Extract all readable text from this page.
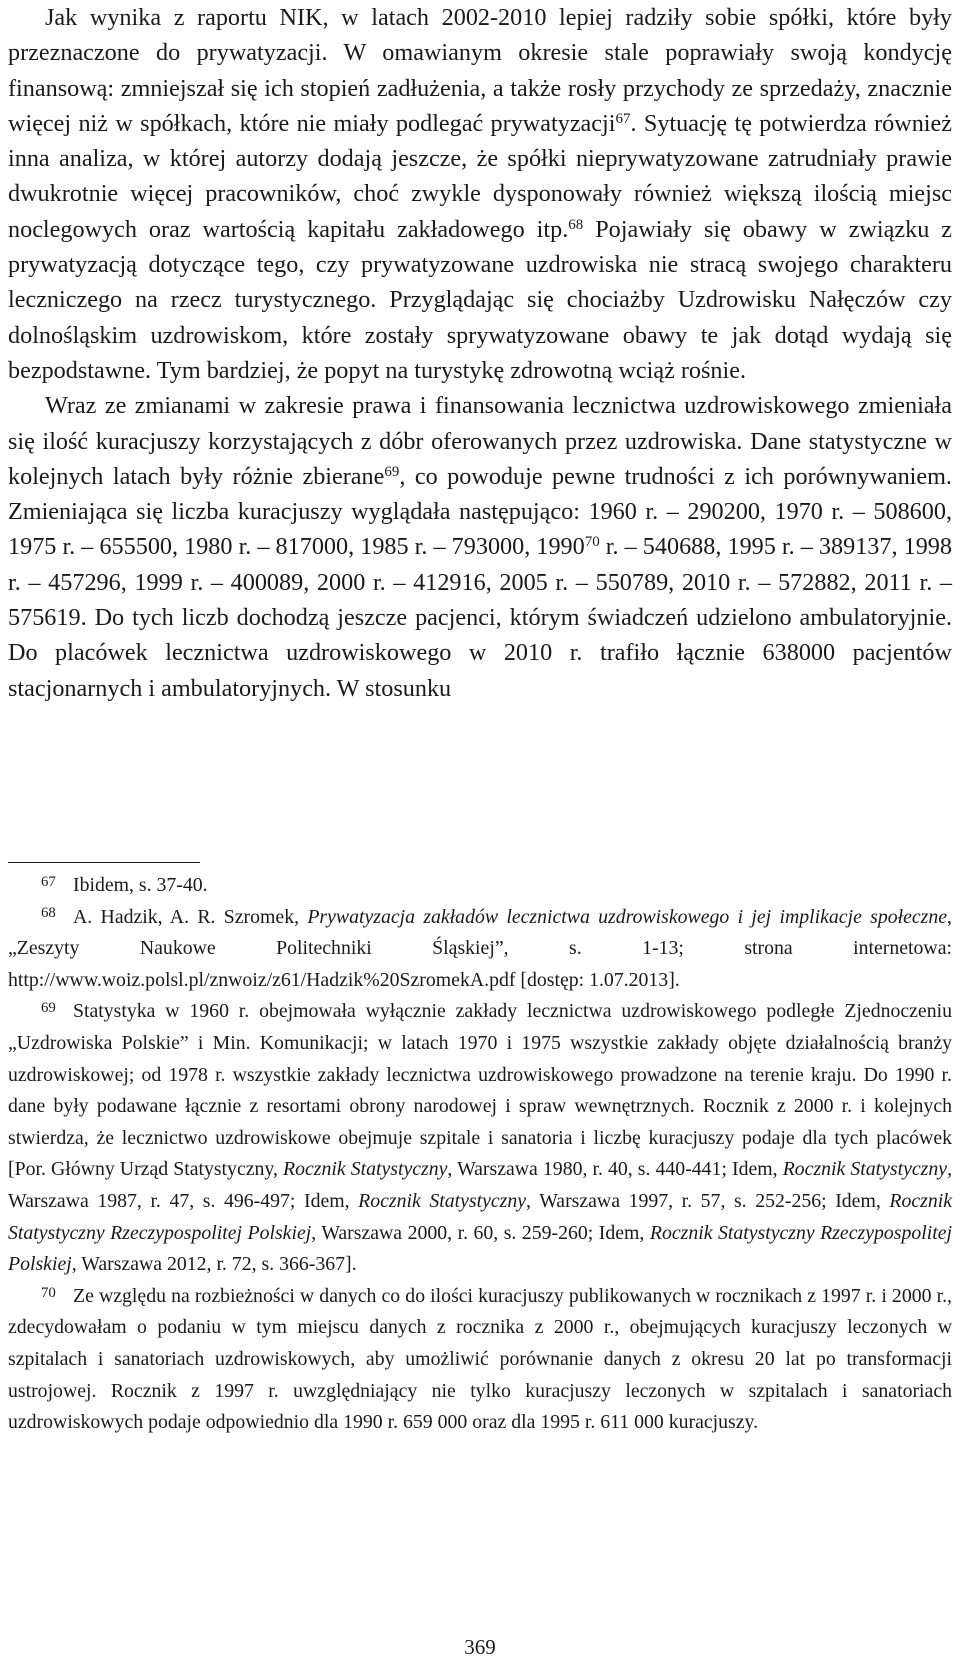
Jak wynika z raportu NIK, w latach 2002-2010 lepiej radziły sobie spółki, które były przeznaczone do prywatyzacji. W omawianym okresie stale poprawiały swoją kondycję finansową: zmniejszał się ich stopień zadłużenia, a także rosły przychody ze sprzedaży, znacznie więcej niż w spółkach, które nie miały podlegać prywatyzacji$^{67}$. Sytuację tę potwierdza również inna analiza, w której autorzy dodają jeszcze, że spółki nieprywatyzowane zatrudniały prawie dwukrotnie więcej pracowników, choć zwykle dysponowały również większą ilością miejsc noclegowych oraz wartością kapitału zakładowego itp.$^{68}$ Pojawiały się obawy w związku z prywatyzacją dotyczące tego, czy prywatyzowane uzdrowiska nie stracą swojego charakteru leczniczego na rzecz turystycznego. Przyglądając się chociażby Uzdrowisku Nałęczów czy dolnośląskim uzdrowiskom, które zostały sprywatyzowane obawy te jak dotąd wydają się bezpodstawne. Tym bardziej, że popyt na turystykę zdrowotną wciąż rośnie.

Wraz ze zmianami w zakresie prawa i finansowania lecznictwa uzdrowiskowego zmieniała się ilość kuracjuszy korzystających z dóbr oferowanych przez uzdrowiska. Dane statystyczne w kolejnych latach były różnie zbierane$^{69}$, co powoduje pewne trudności z ich porównywaniem. Zmieniająca się liczba kuracjuszy wyglądała następująco: 1960 r. – 290200, 1970 r. – 508600, 1975 r. – 655500, 1980 r. – 817000, 1985 r. – 793000, 1990$^{70}$ r. – 540688, 1995 r. – 389137, 1998 r. – 457296, 1999 r. – 400089, 2000 r. – 412916, 2005 r. – 550789, 2010 r. – 572882, 2011 r. – 575619. Do tych liczb dochodzą jeszcze pacjenci, którym świadczeń udzielono ambulatoryjnie. Do placówek lecznictwa uzdrowiskowego w 2010 r. trafiło łącznie 638000 pacjentów stacjonarnych i ambulatoryjnych. W stosunku

67 Ibidem, s. 37-40.

68 A. Hadzik, A. R. Szromek, Prywatyzacja zakładów lecznictwa uzdrowiskowego i jej implikacje społeczne, „Zeszyty Naukowe Politechniki Śląskiej”, s. 1-13; strona internetowa: http://www.woiz.polsl.pl/znwoiz/z61/Hadzik%20SzromekA.pdf [dostęp: 1.07.2013].

69 Statystyka w 1960 r. obejmowała wyłącznie zakłady lecznictwa uzdrowiskowego podległe Zjednoczeniu „Uzdrowiska Polskie” i Min. Komunikacji; w latach 1970 i 1975 wszystkie zakłady objęte działalnością branży uzdrowiskowej; od 1978 r. wszystkie zakłady lecznictwa uzdrowiskowego prowadzone na terenie kraju. Do 1990 r. dane były podawane łącznie z resortami obrony narodowej i spraw wewnętrznych. Rocznik z 2000 r. i kolejnych stwierdza, że lecznictwo uzdrowiskowe obejmuje szpitale i sanatoria i liczbę kuracjuszy podaje dla tych placówek [Por. Główny Urząd Statystyczny, Rocznik Statystyczny, Warszawa 1980, r. 40, s. 440-441; Idem, Rocznik Statystyczny, Warszawa 1987, r. 47, s. 496-497; Idem, Rocznik Statystyczny, Warszawa 1997, r. 57, s. 252-256; Idem, Rocznik Statystyczny Rzeczypospolitej Polskiej, Warszawa 2000, r. 60, s. 259-260; Idem, Rocznik Statystyczny Rzeczypospolitej Polskiej, Warszawa 2012, r. 72, s. 366-367].

70 Ze względu na rozbieżności w danych co do ilości kuracjuszy publikowanych w rocznikach z 1997 r. i 2000 r., zdecydowałam o podaniu w tym miejscu danych z rocznika z 2000 r., obejmujących kuracjuszy leczonych w szpitalach i sanatoriach uzdrowiskowych, aby umożliwić porównanie danych z okresu 20 lat po transformacji ustrojowej. Rocznik z 1997 r. uwzględniający nie tylko kuracjuszy leczonych w szpitalach i sanatoriach uzdrowiskowych podaje odpowiednio dla 1990 r. 659 000 oraz dla 1995 r. 611 000 kuracjuszy.

369
